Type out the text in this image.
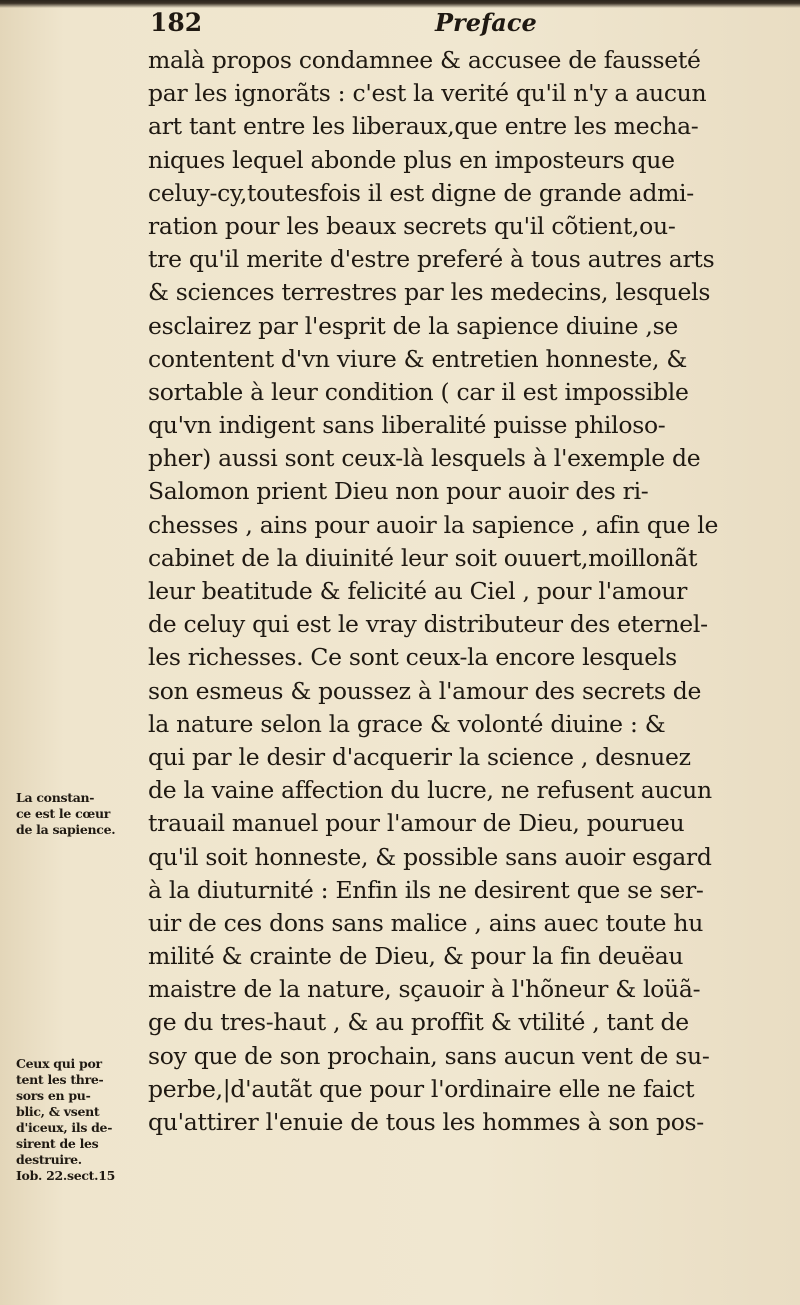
182	Preface
malà propos condamnee & accusee de fausseté
par les ignorãts : c'est la verité qu'il n'y a aucun
art tant entre les liberaux,que entre les mecha-
niques lequel abonde plus en imposteurs que
celuy-cy,toutesfois il est digne de grande admi-
ration pour les beaux secrets qu'il cõtient,ou-
tre qu'il merite d'estre preferé à tous autres arts
& sciences terrestres par les medecins, lesquels
esclairez par l'esprit de la sapience diuine ,se
contentent d'vn viure & entretien honneste, &
sortable à leur condition ( car il est impossible
qu'vn indigent sans liberalité puisse philoso-
pher) aussi sont ceux-là lesquels à l'exemple de
Salomon prient Dieu non pour auoir des ri-
chesses , ains pour auoir la sapience , afin que le
cabinet de la diuinité leur soit ouuert,moillonãt
leur beatitude & felicité au Ciel , pour l'amour
de celuy qui est le vray distributeur des eternel-
les richesses. Ce sont ceux-la encore lesquels
son esmeus & poussez à l'amour des secrets de
la nature selon la grace & volonté diuine : &
qui par le desir d'acquerir la science , desnuez
de la vaine affection du lucre, ne refusent aucun
trauail manuel pour l'amour de Dieu, pourueu
qu'il soit honneste, & possible sans auoir esgard
à la diuturnité : Enfin ils ne desirent que se ser-
uir de ces dons sans malice , ains auec toute hu
milité & crainte de Dieu, & pour la fin deuëau
maistre de la nature, sçauoir à l'hõneur & loüã-
ge du tres-haut , & au proffit & vtilité , tant de
soy que de son prochain, sans aucun vent de su-
perbe,|d'autãt que pour l'ordinaire elle ne faict
qu'attirer l'enuie de tous les hommes à son pos-
La constan-
ce est le cœur
de la sapience.
Ceux qui por
tent les thre-
sors en pu-
blic, & vsent
d'iceux, ils de-
sirent de les
destruire.
Iob. 22.sect.15
